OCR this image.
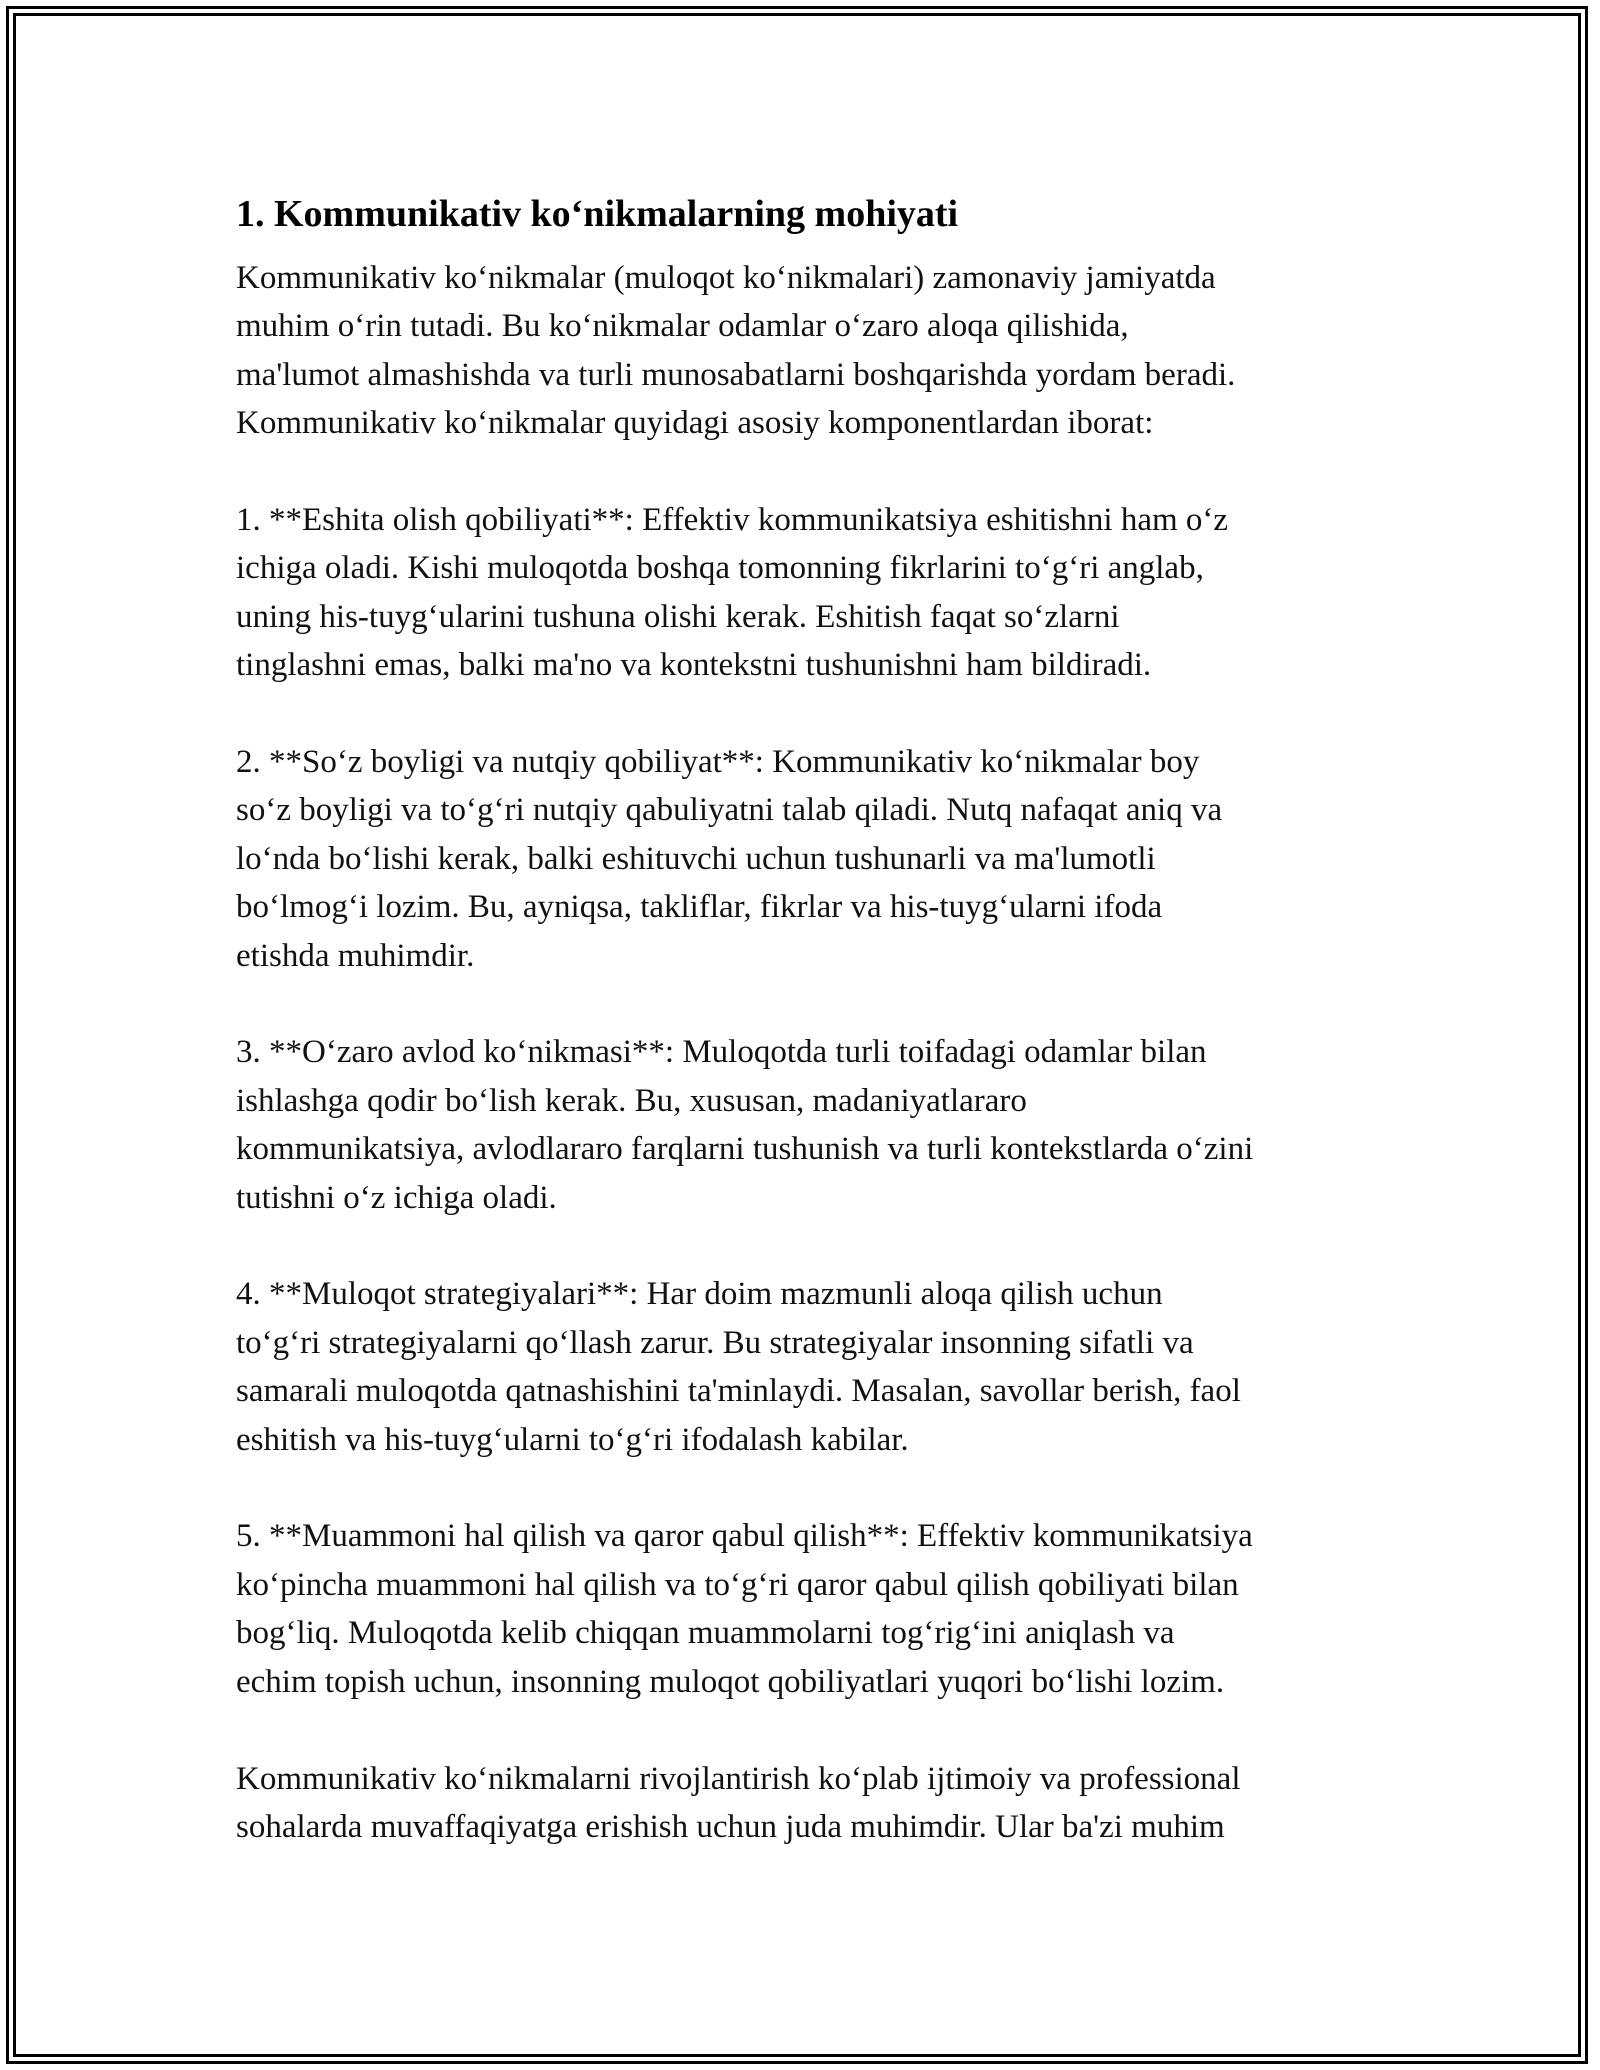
1. Kommunikativ ko‘nikmalarning mohiyati
Kommunikativ ko‘nikmalar (muloqot ko‘nikmalari) zamonaviy jamiyatda
muhim o‘rin tutadi. Bu ko‘nikmalar odamlar o‘zaro aloqa qilishida,
ma'lumot almashishda va turli munosabatlarni boshqarishda yordam beradi.
Kommunikativ ko‘nikmalar quyidagi asosiy komponentlardan iborat:
1. **Eshita olish qobiliyati**: Effektiv kommunikatsiya eshitishni ham o‘z
ichiga oladi. Kishi muloqotda boshqa tomonning fikrlarini to‘g‘ri anglab,
uning his-tuyg‘ularini tushuna olishi kerak. Eshitish faqat so‘zlarni
tinglashni emas, balki ma'no va kontekstni tushunishni ham bildiradi.
2. **So‘z boyligi va nutqiy qobiliyat**: Kommunikativ ko‘nikmalar boy
so‘z boyligi va to‘g‘ri nutqiy qabuliyatni talab qiladi. Nutq nafaqat aniq va
lo‘nda bo‘lishi kerak, balki eshituvchi uchun tushunarli va ma'lumotli
bo‘lmog‘i lozim. Bu, ayniqsa, takliflar, fikrlar va his-tuyg‘ularni ifoda
etishda muhimdir.
3. **O‘zaro avlod ko‘nikmasi**: Muloqotda turli toifadagi odamlar bilan
ishlashga qodir bo‘lish kerak. Bu, xususan, madaniyatlararo
kommunikatsiya, avlodlararo farqlarni tushunish va turli kontekstlarda o‘zini
tutishni o‘z ichiga oladi.
4. **Muloqot strategiyalari**: Har doim mazmunli aloqa qilish uchun
to‘g‘ri strategiyalarni qo‘llash zarur. Bu strategiyalar insonning sifatli va
samarali muloqotda qatnashishini ta'minlaydi. Masalan, savollar berish, faol
eshitish va his-tuyg‘ularni to‘g‘ri ifodalash kabilar.
5. **Muammoni hal qilish va qaror qabul qilish**: Effektiv kommunikatsiya
ko‘pincha muammoni hal qilish va to‘g‘ri qaror qabul qilish qobiliyati bilan
bog‘liq. Muloqotda kelib chiqqan muammolarni tog‘rig‘ini aniqlash va
echim topish uchun, insonning muloqot qobiliyatlari yuqori bo‘lishi lozim.
Kommunikativ ko‘nikmalarni rivojlantirish ko‘plab ijtimoiy va professional
sohalarda muvaffaqiyatga erishish uchun juda muhimdir. Ular ba'zi muhim
